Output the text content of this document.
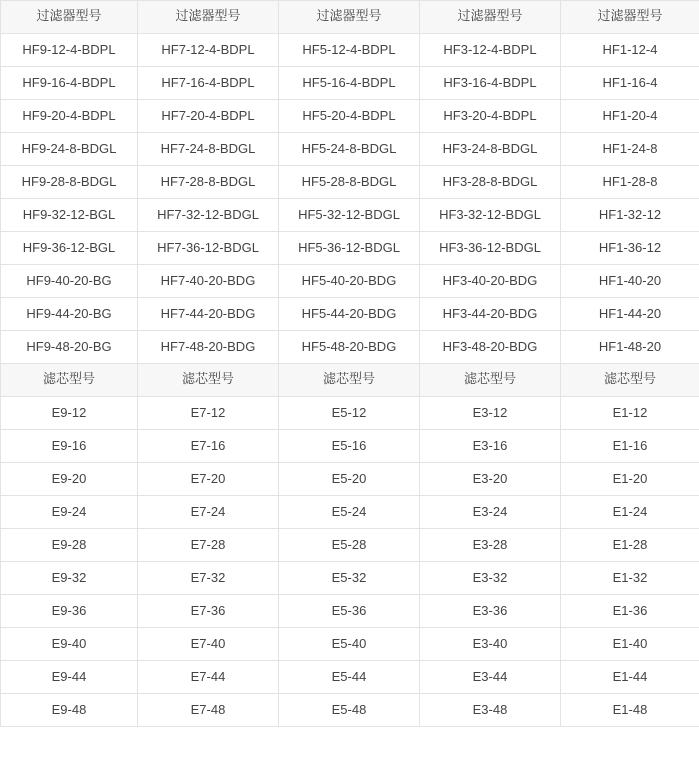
过滤器型号	过滤器型号	过滤器型号	过滤器型号	过滤器型号

HF9-12-4-BDPL	HF7-12-4-BDPL	HF5-12-4-BDPL	HF3-12-4-BDPL	HF1-12-4

HF9-16-4-BDPL	HF7-16-4-BDPL	HF5-16-4-BDPL	HF3-16-4-BDPL	HF1-16-4

HF9-20-4-BDPL	HF7-20-4-BDPL	HF5-20-4-BDPL	HF3-20-4-BDPL	HF1-20-4

HF9-24-8-BDGL	HF7-24-8-BDGL	HF5-24-8-BDGL	HF3-24-8-BDGL	HF1-24-8

HF9-28-8-BDGL	HF7-28-8-BDGL	HF5-28-8-BDGL	HF3-28-8-BDGL	HF1-28-8

HF9-32-12-BGL	HF7-32-12-BDGL	HF5-32-12-BDGL	HF3-32-12-BDGL	HF1-32-12

HF9-36-12-BGL	HF7-36-12-BDGL	HF5-36-12-BDGL	HF3-36-12-BDGL	HF1-36-12

HF9-40-20-BG	HF7-40-20-BDG	HF5-40-20-BDG	HF3-40-20-BDG	HF1-40-20

HF9-44-20-BG	HF7-44-20-BDG	HF5-44-20-BDG	HF3-44-20-BDG	HF1-44-20

HF9-48-20-BG	HF7-48-20-BDG	HF5-48-20-BDG	HF3-48-20-BDG	HF1-48-20

滤芯型号	滤芯型号	滤芯型号	滤芯型号	滤芯型号

E9-12	E7-12	E5-12	E3-12	E1-12

E9-16	E7-16	E5-16	E3-16	E1-16

E9-20	E7-20	E5-20	E3-20	E1-20

E9-24	E7-24	E5-24	E3-24	E1-24

E9-28	E7-28	E5-28	E3-28	E1-28

E9-32	E7-32	E5-32	E3-32	E1-32

E9-36	E7-36	E5-36	E3-36	E1-36

E9-40	E7-40	E5-40	E3-40	E1-40

E9-44	E7-44	E5-44	E3-44	E1-44

E9-48	E7-48	E5-48	E3-48	E1-48
